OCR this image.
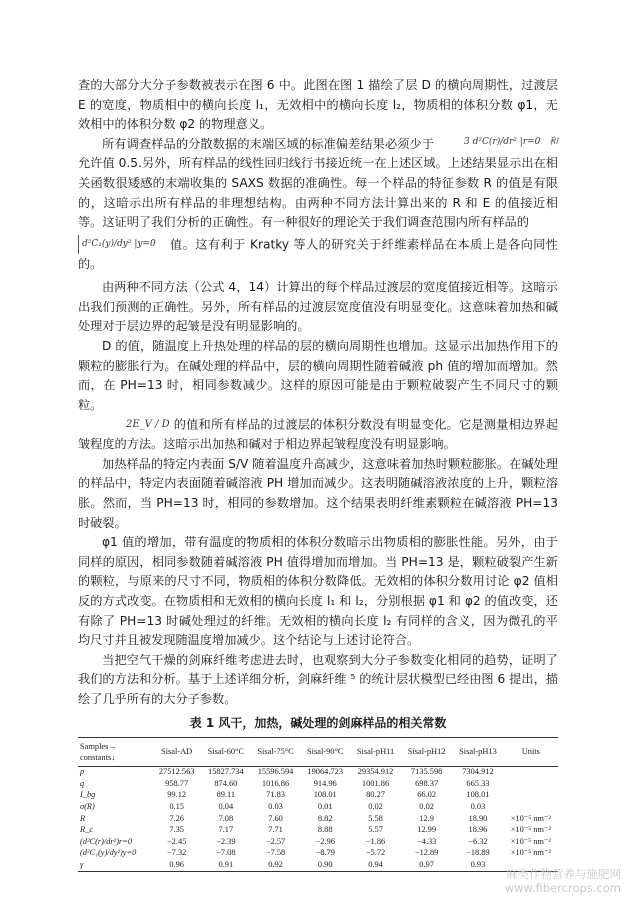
查的大部分大分子参数被表示在图 6 中。此图在图 1 描绘了层 D 的横向周期性，过渡层 E 的宽度，物质相中的横向长度 l₁，无效相中的横向长度 l₂，物质相的体积分数 φ1，无效相中的体积分数 φ2 的物理意义。

3 d²C(r)/dr² |r=0 和
所有调查样品的分散数据的末端区域的标准偏差结果必须少于允许值 0.5.另外，所有样品的线性回归线行书接近统一在上述区域。上述结果显示出在相关函数很矮感的末端收集的 SAXS 数据的准确性。每一个样品的特征参数 R 的值是有限的，这暗示出所有样品的非理想结构。由两种不同方法计算出来的 R 和 E 的值接近相等。这证明了我们分析的正确性。有一种很好的理论关于我们调查范围内所有样品的

d²C₁(y)/dy² |y=0 值。这有利于 Kratky 等人的研究关于纤维素样品在本质上是各向同性的。

由两种不同方法（公式 4，14）计算出的每个样品过渡层的宽度值接近相等。这暗示出我们预测的正确性。另外，所有样品的过渡层宽度值没有明显变化。这意味着加热和碱处理对于层边界的起皱是没有明显影响的。

D 的值，随温度上升热处理的样品的层的横向周期性也增加。这显示出加热作用下的颗粒的膨胀行为。在碱处理的样品中，层的横向周期性随着碱液 ph 值的增加而增加。然而，在 PH=13 时，相同参数减少。这样的原因可能是由于颗粒破裂产生不同尺寸的颗粒。

2E_V / D 的值和所有样品的过渡层的体积分数没有明显变化。它是测量相边界起皱程度的方法。这暗示出加热和碱对于相边界起皱程度没有明显影响。

加热样品的特定内表面 S/V 随着温度升高减少，这意味着加热时颗粒膨胀。在碱处理的样品中，特定内表面随着碱溶液 PH 增加而减少。这表明随碱溶液浓度的上升，颗粒溶胀。然而，当 PH=13 时，相同的参数增加。这个结果表明纤维素颗粒在碱溶液 PH=13 时破裂。

φ1 值的增加，带有温度的物质相的体积分数暗示出物质相的膨胀性能。另外，由于同样的原因，相同参数随着碱溶液 PH 值得增加而增加。当 PH=13 是，颗粒破裂产生新的颗粒，与原来的尺寸不同，物质相的体积分数降低。无效相的体积分数用讨论 φ2 值相反的方式改变。在物质相和无效相的横向长度 l₁ 和 l₂，分别根据 φ1 和 φ2 的值改变，还有除了 PH=13 时碱处理过的纤维。无效相的横向长度 l₂ 有同样的含义，因为微孔的平均尺寸并且被发现随温度增加减少。这个结论与上述讨论符合。

当把空气干燥的剑麻纤维考虑进去时，也观察到大分子参数变化相同的趋势，证明了我们的方法和分析。基于上述详细分析，剑麻纤维 ⁵ 的统计层状模型已经由图 6 提出，描绘了几乎所有的大分子参数。

表 1 风干，加热，碱处理的剑麻样品的相关常数
Samples→
constants↓	Sisal-AD	Sisal-60°C	Sisal-75°C	Sisal-90°C	Sisal-pH11	Sisal-pH12	Sisal-pH13	Units
p	27512.563	15827.734	15596.594	19064.723	29354.912	7135.598	7304.912	
q	958.77	874.60	1016.86	914.96	1001.86	698.37	665.33	
I_bg	99.12	89.11	71.83	108.01	80.27	66.02	108.01	
σ(R)	0.15	0.04	0.03	0.01	0.02	0.02	0.03	
R	7.26	7.08	7.60	8.82	5.58	12.9	18.90	×10⁻⁵ nm⁻²
R_c	7.35	7.17	7.71	8.88	5.57	12.99	18.96	×10⁻⁵ nm⁻²
(d²C(r)/dr²)r=0	−2.45	−2.39	−2.57	−2.96	−1.86	−4.33	−6.32	×10⁻⁵ nm⁻²
(d²C₁(y)/dy²)y=0	−7.32	−7.08	−7.58	−8.79	−5.72	−12.89	−18.89	×10⁻⁵ nm⁻²
γ	0.96	0.91	0.92	0.90	0.94	0.97	0.93	
麻类作物营养与施肥网
www.fibercrops.com
